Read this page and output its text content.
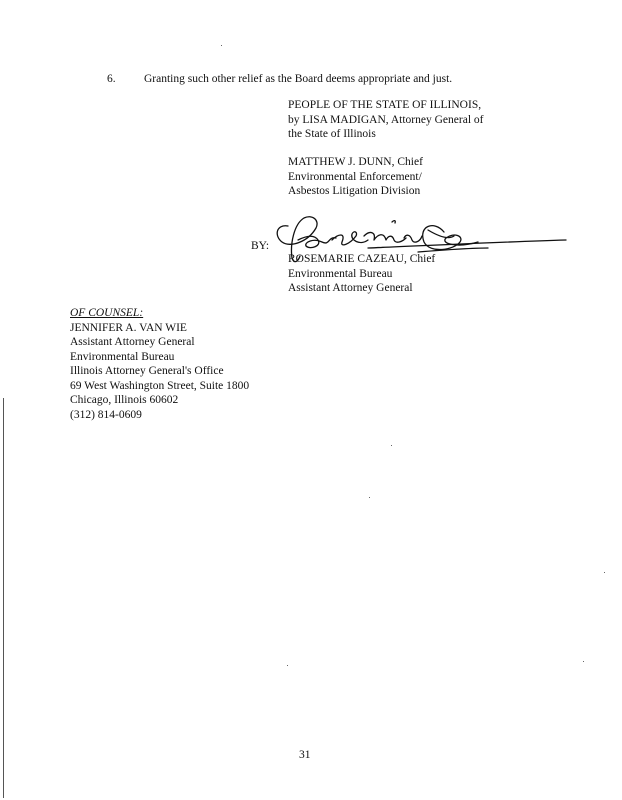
6. Granting such other relief as the Board deems appropriate and just.
PEOPLE OF THE STATE OF ILLINOIS,
by LISA MADIGAN, Attorney General of
the State of Illinois
MATTHEW J. DUNN, Chief
Environmental Enforcement/
Asbestos Litigation Division
BY:
ROSEMARIE CAZEAU, Chief
Environmental Bureau
Assistant Attorney General
OF COUNSEL:
JENNIFER A. VAN WIE
Assistant Attorney General
Environmental Bureau
Illinois Attorney General's Office
69 West Washington Street, Suite 1800
Chicago, Illinois 60602
(312) 814-0609
31
